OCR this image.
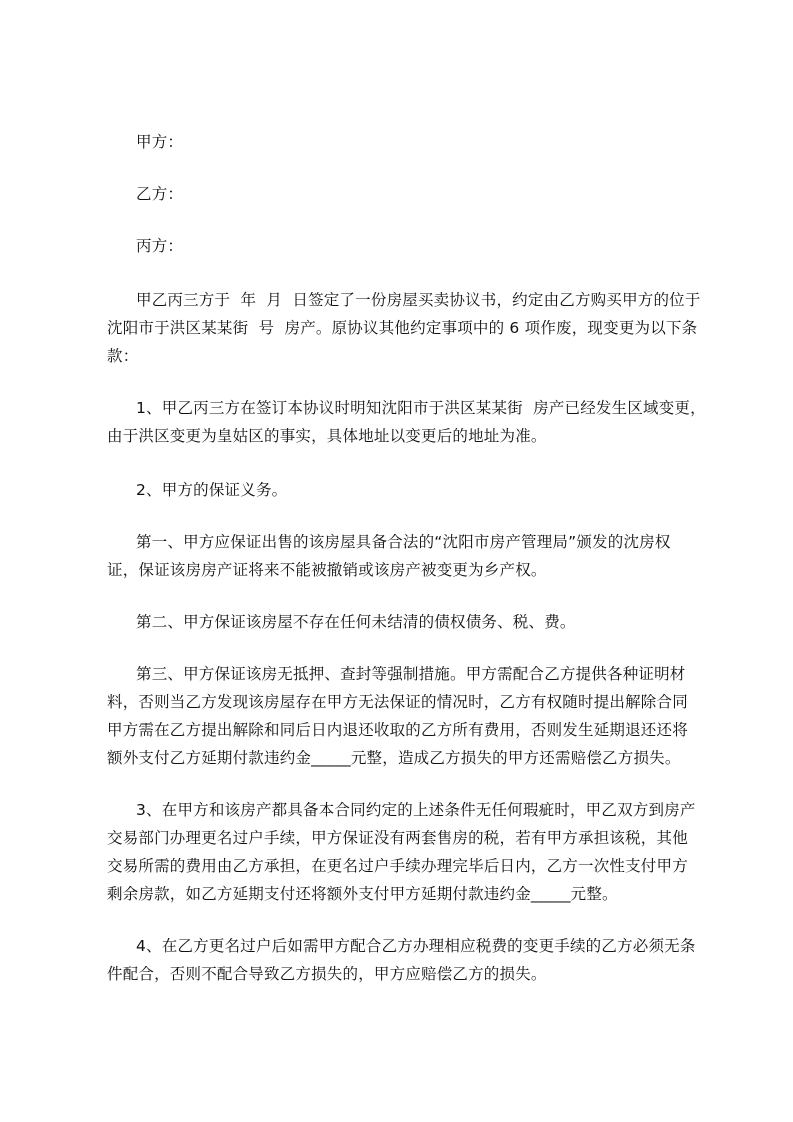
甲方：
乙方：
丙方：
甲乙丙三方于  年  月  日签定了一份房屋买卖协议书，约定由乙方购买甲方的位于
沈阳市于洪区某某街  号  房产。原协议其他约定事项中的 6 项作废，现变更为以下条
款：
1、甲乙丙三方在签订本协议时明知沈阳市于洪区某某街  房产已经发生区域变更，
由于洪区变更为皇姑区的事实，具体地址以变更后的地址为准。
2、甲方的保证义务。
第一、甲方应保证出售的该房屋具备合法的“沈阳市房产管理局”颁发的沈房权
证，保证该房房产证将来不能被撤销或该房产被变更为乡产权。
第二、甲方保证该房屋不存在任何未结清的债权债务、税、费。
第三、甲方保证该房无抵押、查封等强制措施。甲方需配合乙方提供各种证明材
料，否则当乙方发现该房屋存在甲方无法保证的情况时，乙方有权随时提出解除合同
甲方需在乙方提出解除和同后日内退还收取的乙方所有费用，否则发生延期退还还将
额外支付乙方延期付款违约金_____元整，造成乙方损失的甲方还需赔偿乙方损失。
3、在甲方和该房产都具备本合同约定的上述条件无任何瑕疵时，甲乙双方到房产
交易部门办理更名过户手续，甲方保证没有两套售房的税，若有甲方承担该税，其他
交易所需的费用由乙方承担，在更名过户手续办理完毕后日内，乙方一次性支付甲方
剩余房款，如乙方延期支付还将额外支付甲方延期付款违约金_____元整。
4、在乙方更名过户后如需甲方配合乙方办理相应税费的变更手续的乙方必须无条
件配合，否则不配合导致乙方损失的，甲方应赔偿乙方的损失。
